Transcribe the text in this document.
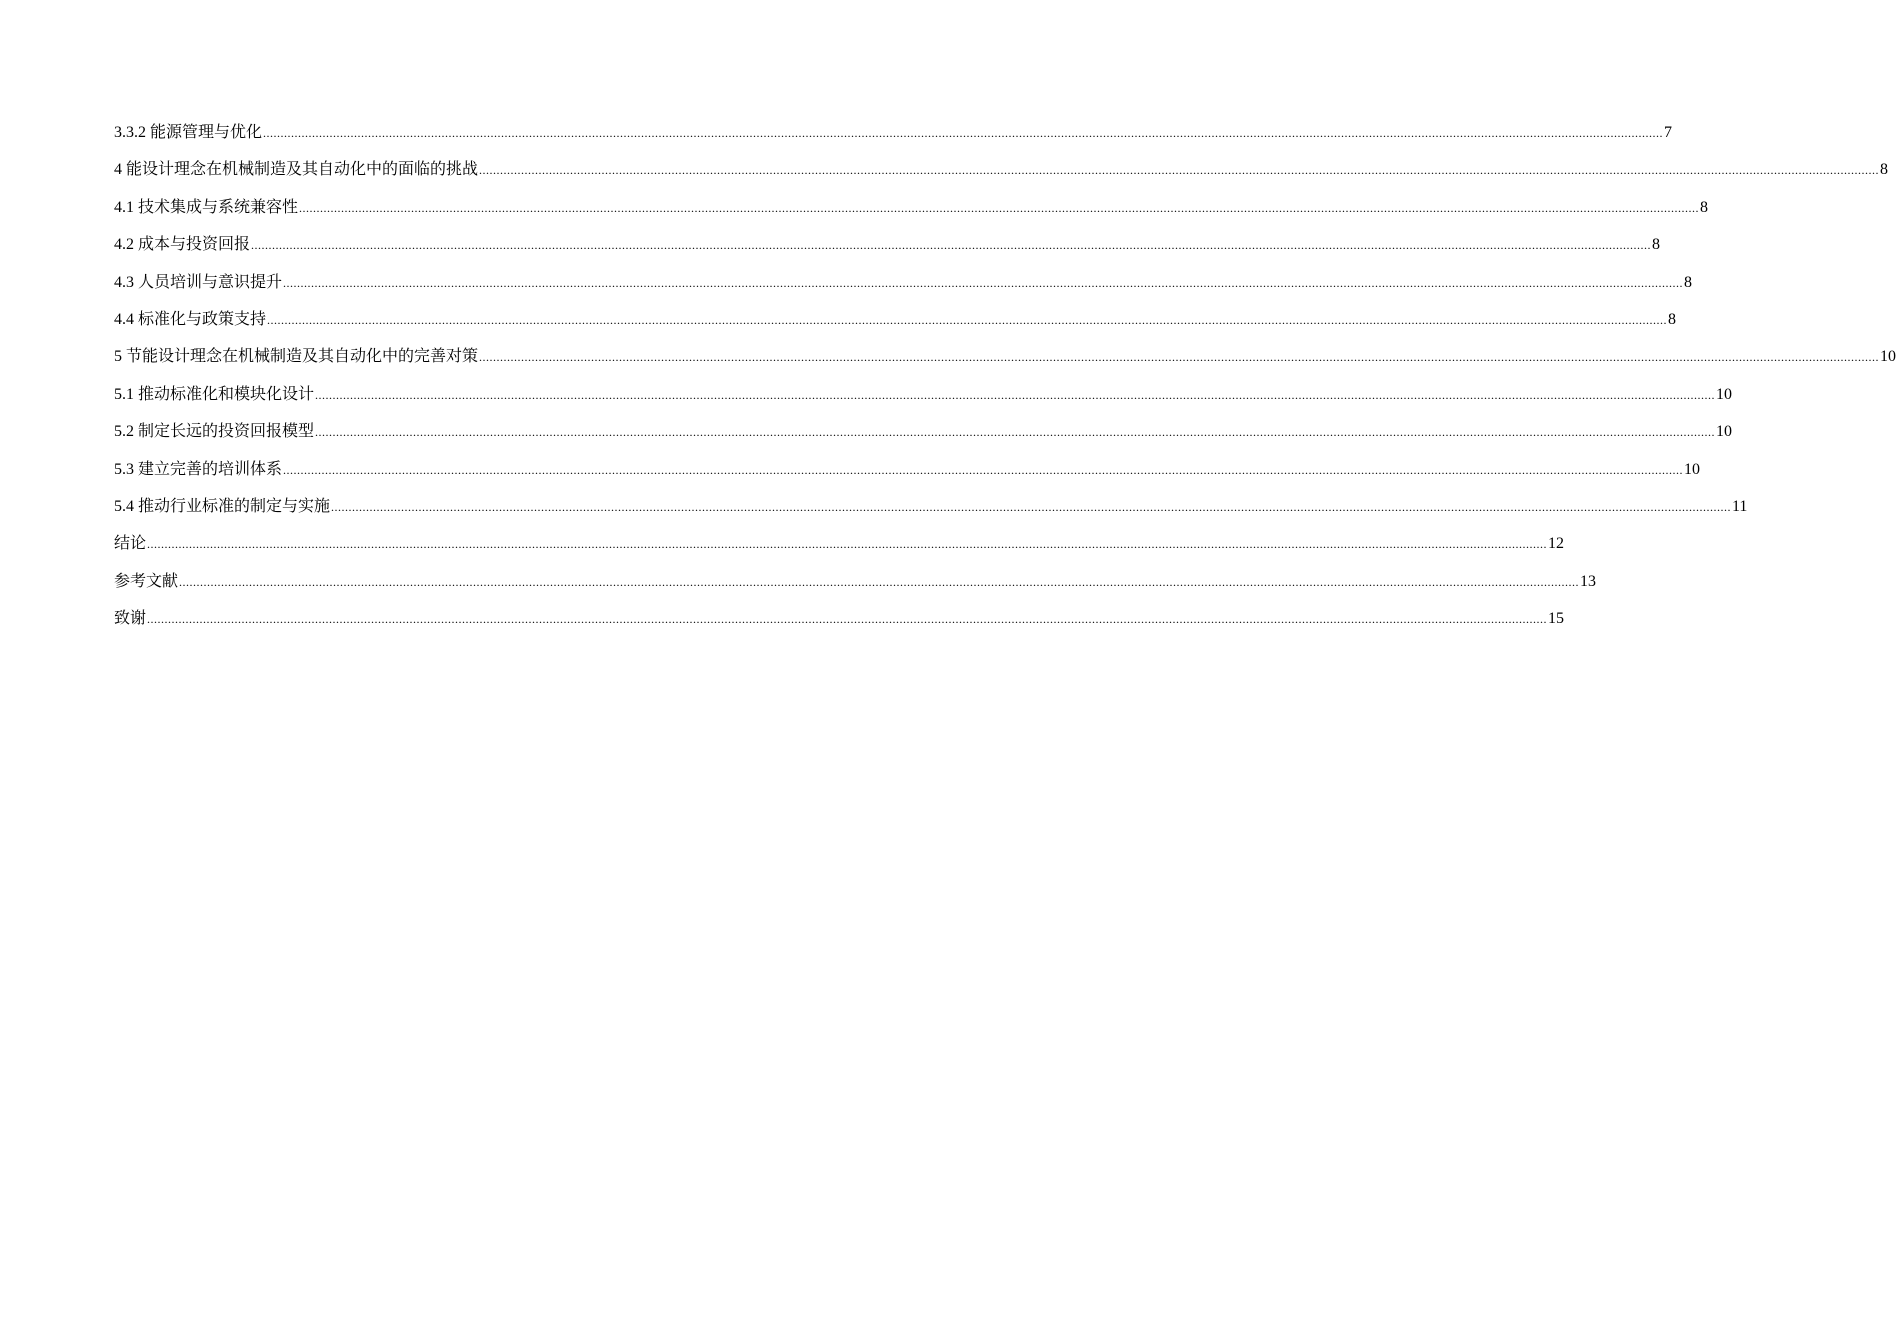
3.3.2 能源管理与优化 ................................................................................................................................................................................................................................................................................................................................................................................................................ 7
4 能设计理念在机械制造及其自动化中的面临的挑战 ................................................................................................................................................................................................................................................................................................................................................................................................................ 8
4.1 技术集成与系统兼容性 ................................................................................................................................................................................................................................................................................................................................................................................................................ 8
4.2 成本与投资回报 ................................................................................................................................................................................................................................................................................................................................................................................................................ 8
4.3 人员培训与意识提升 ................................................................................................................................................................................................................................................................................................................................................................................................................ 8
4.4 标准化与政策支持 ................................................................................................................................................................................................................................................................................................................................................................................................................ 8
5 节能设计理念在机械制造及其自动化中的完善对策 ................................................................................................................................................................................................................................................................................................................................................................................................................ 10
5.1 推动标准化和模块化设计 ................................................................................................................................................................................................................................................................................................................................................................................................................ 10
5.2 制定长远的投资回报模型 ................................................................................................................................................................................................................................................................................................................................................................................................................ 10
5.3 建立完善的培训体系 ................................................................................................................................................................................................................................................................................................................................................................................................................ 10
5.4 推动行业标准的制定与实施 ................................................................................................................................................................................................................................................................................................................................................................................................................ 11
结论 ................................................................................................................................................................................................................................................................................................................................................................................................................ 12
参考文献 ................................................................................................................................................................................................................................................................................................................................................................................................................ 13
致谢 ................................................................................................................................................................................................................................................................................................................................................................................................................ 15
